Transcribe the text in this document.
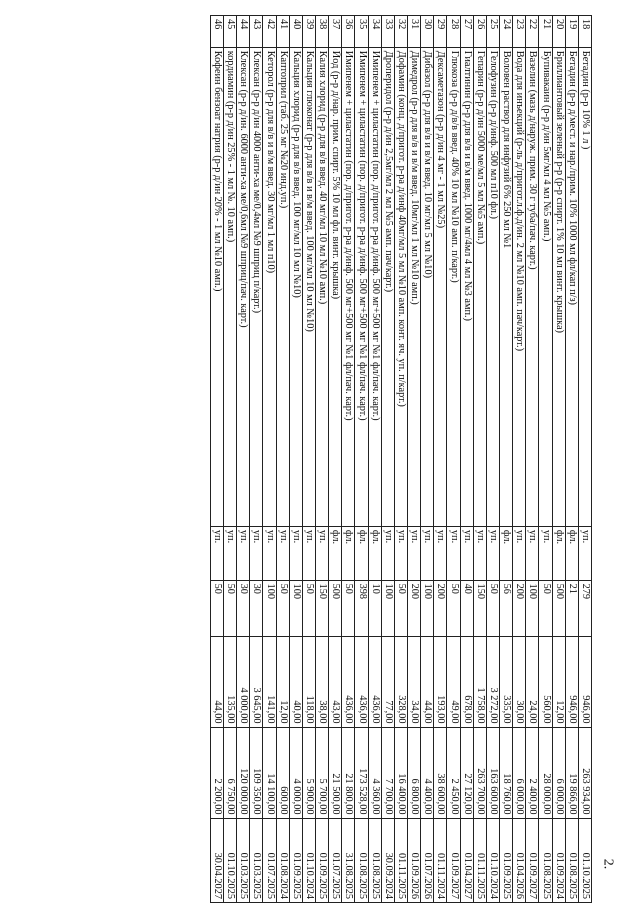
2.
18	Бетадин (р-р 10% 1 л )	уп.	279	946,00	263 934,00	01.10.2025
19	Бетадин (р-р д/мест. и нар./прим. 10% 1000 мл фл/кап п/з)	фл.	21	946,00	19 866,00	01.08.2025
20	Бриллиантовый зеленый р-р (р-р спирт. 1% 10 мл винт. крышка)	фл.	500	12,00	6 000,00	01.09.2024
21	Бупивакаин (р-р д/ин 5мг/мл 4 мл №5 амп.)	уп.	50	560,00	28 000,00	01.08.2025
22	Вазелин (мазь д/наруж. прим. 30 г туба/пач. карт.)	уп.	100	24,00	2 400,00	01.09.2027
23	Вода для инъекций (р-ль д/пригот.л.ф.д/ин. 2 мл №10 амп. пач/карт.)	уп.	200	30,00	6 000,00	01.04.2026
24	Воловен раствор для инфузий 6% 250 мл №1	фл.	56	335,00	18 760,00	01.09.2025
25	Гелофузин (р-р д/инф. 500 мл п10 фл.)	уп.	50	3 272,00	163 600,00	01.10.2024
26	Гепарин (р-р д/ин 5000 ме/мл 5 мл №5 амп.)	уп.	150	1 758,00	263 700,00	01.11.2025
27	Гиалтинин (р-р для в/в и в/м введ. 1000 мг/4мл 4 мл №3 амп.)	уп.	40	678,00	27 120,00	01.04.2027
28	Глюкоза (р-р д/в/в введ. 40% 10 мл №10 амп. п/карт.)	уп.	50	49,00	2 450,00	01.09.2027
29	Дексаметазон (р-р д/ин 4 мг - 1 мл №25)	уп.	200	193,00	38 600,00	01.11.2024
30	Дибазол (р-р для в/в и в/м введ. 10 мг/мл 5 мл №10)	уп.	100	44,00	4 400,00	01.07.2026
31	Димедрол (р-р для в/в и в/м введ. 10мг/мл 1 мл №10 амп.)	уп.	200	34,00	6 800,00	01.09.2026
32	Дофамин (конц. д/пригот. р-ра д/инф 40мг/мл 5 мл №10 амп. конт. яч. уп. п/карт.)	уп.	50	328,00	16 400,00	01.11.2025
33	Дроперидол (р-р д/ин 2,5мг/мл 2 мл №5 амп. пач/карт.)	уп.	100	77,00	7 700,00	30.09.2024
34	Имипенем + циластатин (пор. д/пригот. р-ра д/инф. 500 мг+500 мг №1 фл/пач. карт.)	фл.	10	436,00	4 360,00	01.08.2025
35	Имипенем + циластатин (пор. д/пригот. р-ра д/инф. 500 мг+500 мг №1 фл/пач. карт.)	фл.	398	436,00	173 528,00	01.08.2025
36	Имипенем + циластатин (пор. д/пригот. р-ра д/инф. 500 мг+500 мг №1 фл/пач. карт.)	фл.	50	436,00	21 800,00	31.08.2025
37	Йод (р-р д/нар. прим. спирт. 5% 10 мл фл. винт. крышка)	фл.	500	43,00	21 500,00	01.07.2025
38	Калия хлорид (р-р для в/в введ. 40 мг/мл 10 мл №10 амп.)	уп.	150	38,00	5 700,00	01.09.2025
39	Кальция глюконат (р-р для в/в и в/м введ. 100 мг/мл 10 мл №10)	уп.	50	118,00	5 900,00	01.10.2024
40	Кальция хлорид (р-р для в/в введ. 100 мг/мл 10 мл №10)	уп.	100	40,00	4 000,00	01.09.2025
41	Каптоприл (таб. 25 мг №20 инд.уп.)	уп.	50	12,00	600,00	01.08.2024
42	Кеторол (р-р для в/в и в/м введ. 30 мг/мл 1 мл п10)	уп.	100	141,00	14 100,00	01.07.2025
43	Клексан (р-р д/ин 4000 анти-ха ме/0,4мл №9 шприц п/карт.)	уп.	30	3 645,00	109 350,00	01.03.2025
44	Клексан (р-р д/ин. 6000 анти-ха ме/0,6мл №9 шприц/пач. карт.)	уп.	30	4 000,00	120 000,00	01.03.2025
45	кордиамин (р-р д/ин 25% - 1 мл №. 10 амп.)	уп.	50	135,00	6 750,00	01.10.2025
46	Кофеин бензоат натрия (р-р д/ин 20% - 1 мл №10 амп.)	уп.	50	44,00	2 200,00	30.04.2027
